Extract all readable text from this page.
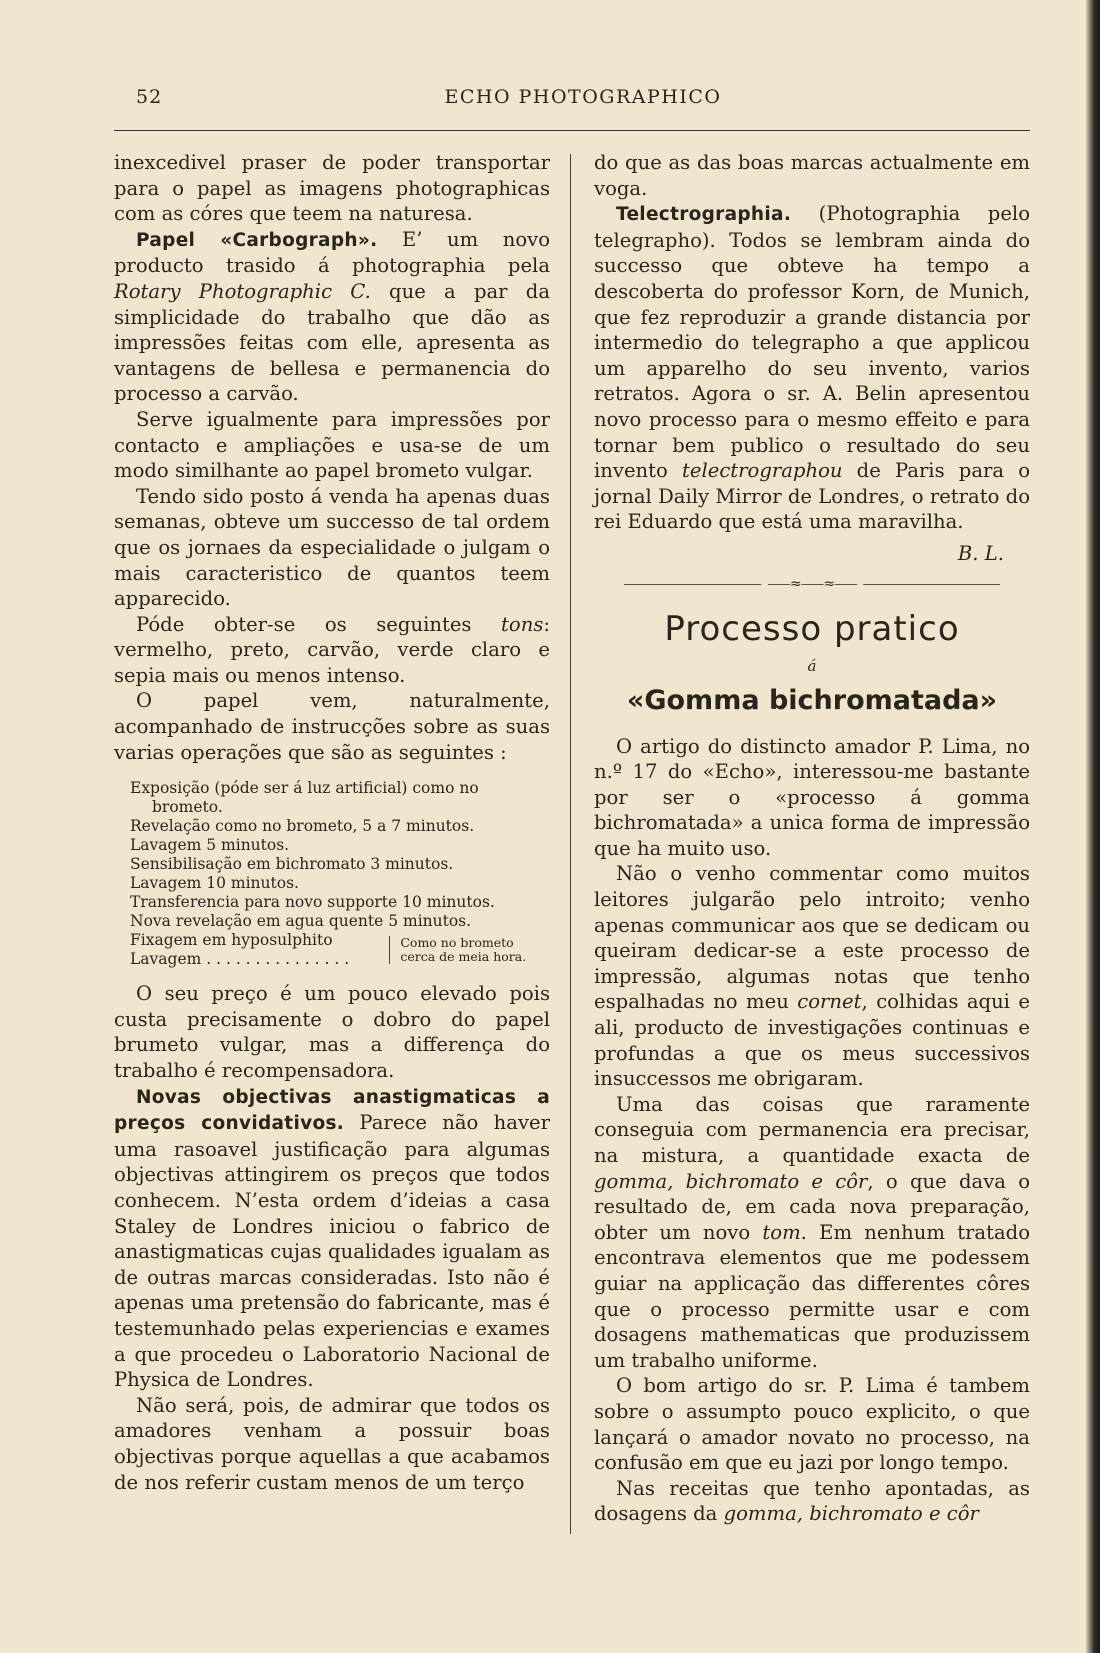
52	ECHO PHOTOGRAPHICO

inexcedivel praser de poder transportar para o papel as imagens photographicas com as córes que teem na naturesa.

Papel «Carbograph». E’ um novo producto trasido á photographia pela Rotary Photographic C. que a par da simplicidade do trabalho que dão as impressões feitas com elle, apresenta as vantagens de bellesa e permanencia do processo a carvão.

Serve igualmente para impressões por contacto e ampliações e usa-se de um modo similhante ao papel brometo vulgar.

Tendo sido posto á venda ha apenas duas semanas, obteve um successo de tal ordem que os jornaes da especialidade o julgam o mais caracteristico de quantos teem apparecido.

Póde obter-se os seguintes tons: vermelho, preto, carvão, verde claro e sepia mais ou menos intenso.

O papel vem, naturalmente, acompanhado de instrucções sobre as suas varias operações que são as seguintes :

Exposição (póde ser á luz artificial) como no brometo.
Revelação como no brometo, 5 a 7 minutos.
Lavagem 5 minutos.
Sensibilisação em bichromato 3 minutos.
Lavagem 10 minutos.
Transferencia para novo supporte 10 minutos.
Nova revelação em agua quente 5 minutos.
Fixagem em hyposulphito
Lavagem . . . . . . . . . . . . . . .
Como no brometo cerca de meia hora.

O seu preço é um pouco elevado pois custa precisamente o dobro do papel brumeto vulgar, mas a differença do trabalho é recompensadora.

Novas objectivas anastigmaticas a preços convidativos. Parece não haver uma rasoavel justificação para algumas objectivas attingirem os preços que todos conhecem. N’esta ordem d’ideias a casa Staley de Londres iniciou o fabrico de anastigmaticas cujas qualidades igualam as de outras marcas consideradas. Isto não é apenas uma pretensão do fabricante, mas é testemunhado pelas experiencias e exames a que procedeu o Laboratorio Nacional de Physica de Londres.

Não será, pois, de admirar que todos os amadores venham a possuir boas objectivas porque aquellas a que acabamos de nos referir custam menos de um terço

do que as das boas marcas actualmente em voga.

Telectrographia. (Photographia pelo telegrapho). Todos se lembram ainda do successo que obteve ha tempo a descoberta do professor Korn, de Munich, que fez reproduzir a grande distancia por intermedio do telegrapho a que applicou um apparelho do seu invento, varios retratos. Agora o sr. A. Belin apresentou novo processo para o mesmo effeito e para tornar bem publico o resultado do seu invento telectrographou de Paris para o jornal Daily Mirror de Londres, o retrato do rei Eduardo que está uma maravilha.

B. L.

⸺≈⸺≈⸺
Processo pratico
á
«Gomma bichromatada»

O artigo do distincto amador P. Lima, no n.º 17 do «Echo», interessou-me bastante por ser o «processo á gomma bichromatada» a unica forma de impressão que ha muito uso.

Não o venho commentar como muitos leitores julgarão pelo introito; venho apenas communicar aos que se dedicam ou queiram dedicar-se a este processo de impressão, algumas notas que tenho espalhadas no meu cornet, colhidas aqui e ali, producto de investigações continuas e profundas a que os meus successivos insuccessos me obrigaram.

Uma das coisas que raramente conseguia com permanencia era precisar, na mistura, a quantidade exacta de gomma, bichromato e côr, o que dava o resultado de, em cada nova preparação, obter um novo tom. Em nenhum tratado encontrava elementos que me podessem guiar na applicação das differentes côres que o processo permitte usar e com dosagens mathematicas que produzissem um trabalho uniforme.

O bom artigo do sr. P. Lima é tambem sobre o assumpto pouco explicito, o que lançará o amador novato no processo, na confusão em que eu jazi por longo tempo.

Nas receitas que tenho apontadas, as dosagens da gomma, bichromato e côr
